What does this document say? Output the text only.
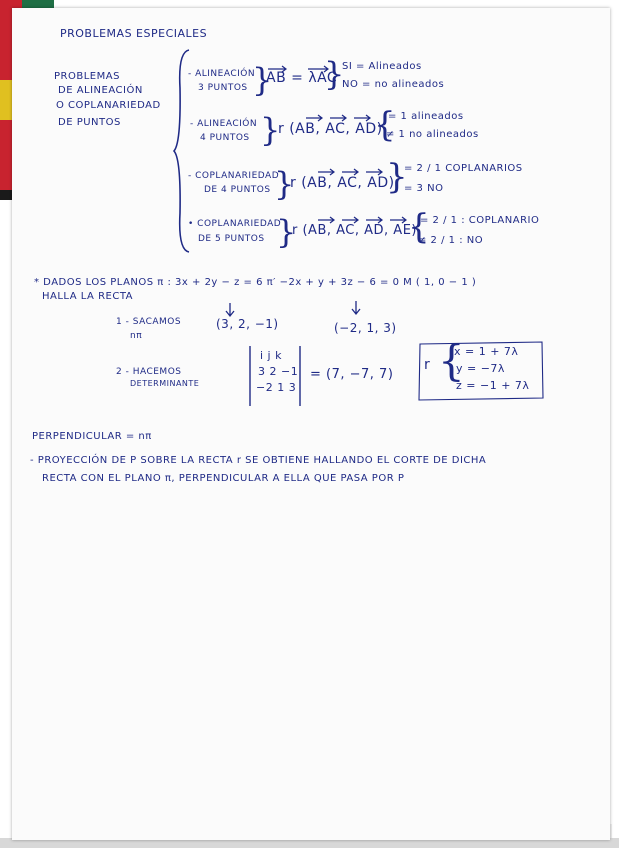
PROBLEMAS ESPECIALES
PROBLEMAS
DE ALINEACIÓN
O COPLANARIEDAD
DE PUNTOS
- ALINEACIÓN
3 PUNTOS }
AB = λAC
}
SI = Alineados
NO = no alineados
- ALINEACIÓN
4 PUNTOS }
r (AB, AC, AD)
{
= 1 alineados
≠ 1 no alineados
- COPLANARIEDAD
DE 4 PUNTOS }
r (AB, AC, AD)
}
= 2 / 1 COPLANARIOS
= 3 NO
• COPLANARIEDAD
DE 5 PUNTOS }
r (AB, AC, AD, AE)
{
= 2 / 1 : COPLANARIO
≠ 2 / 1 : NO
* DADOS LOS PLANOS π : 3x + 2y − z = 6 π′ −2x + y + 3z − 6 = 0 M ( 1, 0 − 1 )
HALLA LA RECTA
1 - SACAMOS
nπ
(3, 2, −1)	(−2, 1, 3)
2 - HACEMOS
DETERMINANTE
i j k
3 2 −1
−2 1 3
= (7, −7, 7)
r {
x = 1 + 7λ
y = −7λ
z = −1 + 7λ
PERPENDICULAR = nπ
- PROYECCIÓN DE P SOBRE LA RECTA r SE OBTIENE HALLANDO EL CORTE DE DICHA
RECTA CON EL PLANO π, PERPENDICULAR A ELLA QUE PASA POR P
